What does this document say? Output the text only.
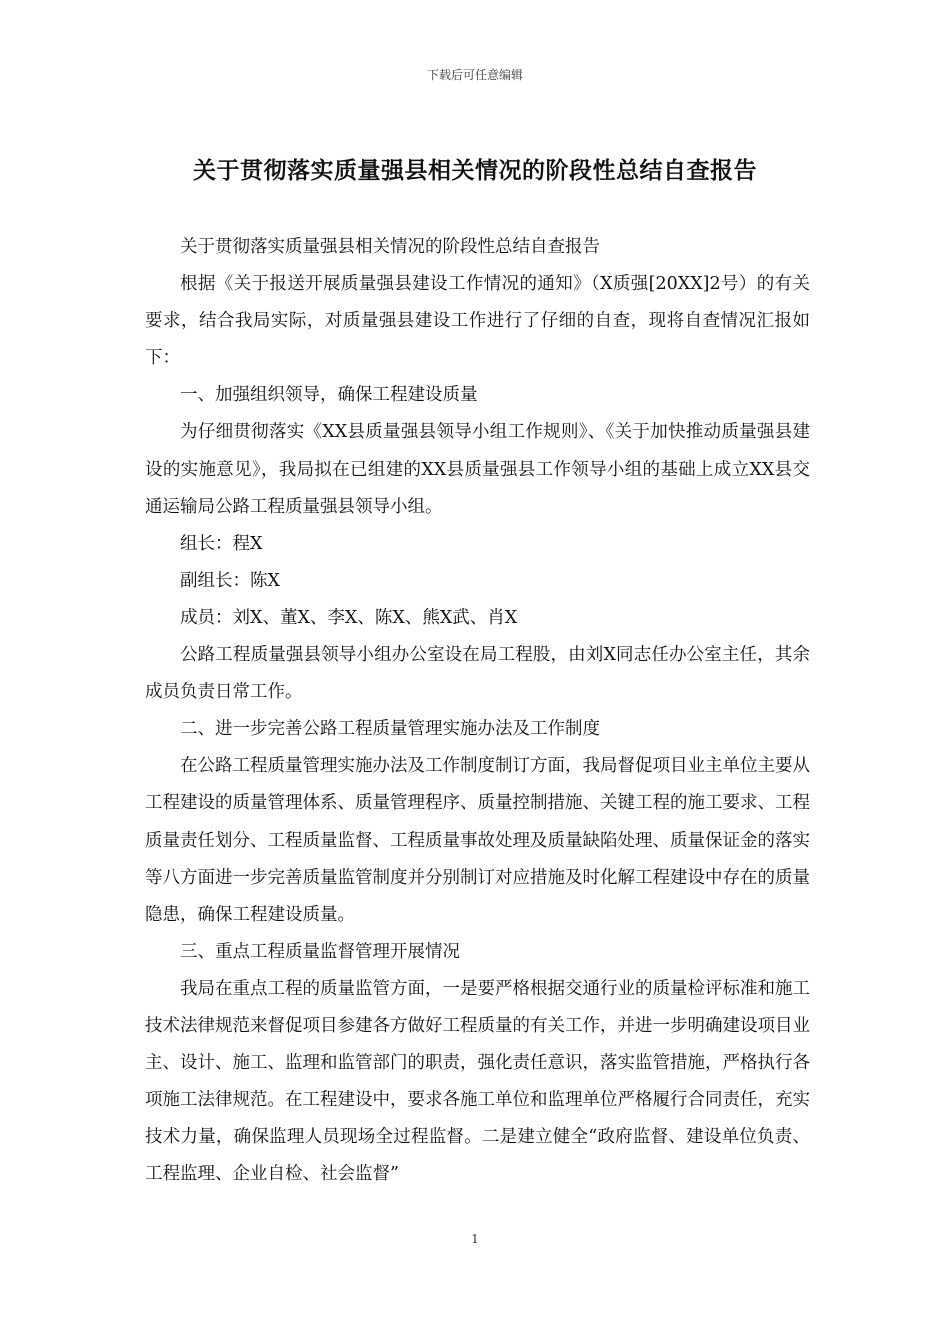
下载后可任意编辑
关于贯彻落实质量强县相关情况的阶段性总结自查报告

关于贯彻落实质量强县相关情况的阶段性总结自查报告

根据《关于报送开展质量强县建设工作情况的通知》（X质强[20XX]2号）的有关要求，结合我局实际，对质量强县建设工作进行了仔细的自查，现将自查情况汇报如下：

一、加强组织领导，确保工程建设质量

为仔细贯彻落实《XX县质量强县领导小组工作规则》、《关于加快推动质量强县建设的实施意见》，我局拟在已组建的XX县质量强县工作领导小组的基础上成立XX县交通运输局公路工程质量强县领导小组。

组长：程X

副组长：陈X

成员：刘X、董X、李X、陈X、熊X武、肖X

公路工程质量强县领导小组办公室设在局工程股，由刘X同志任办公室主任，其余成员负责日常工作。

二、进一步完善公路工程质量管理实施办法及工作制度

在公路工程质量管理实施办法及工作制度制订方面，我局督促项目业主单位主要从工程建设的质量管理体系、质量管理程序、质量控制措施、关键工程的施工要求、工程质量责任划分、工程质量监督、工程质量事故处理及质量缺陷处理、质量保证金的落实等八方面进一步完善质量监管制度并分别制订对应措施及时化解工程建设中存在的质量隐患，确保工程建设质量。

三、重点工程质量监督管理开展情况

我局在重点工程的质量监管方面，一是要严格根据交通行业的质量检评标准和施工技术法律规范来督促项目参建各方做好工程质量的有关工作，并进一步明确建设项目业主、设计、施工、监理和监管部门的职责，强化责任意识，落实监管措施，严格执行各项施工法律规范。在工程建设中，要求各施工单位和监理单位严格履行合同责任，充实技术力量，确保监理人员现场全过程监督。二是建立健全“政府监督、建设单位负责、工程监理、企业自检、社会监督”

1
